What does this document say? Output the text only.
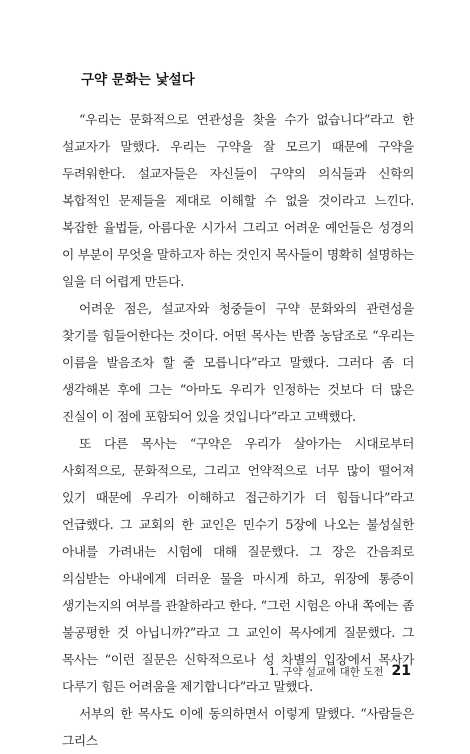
구약 문화는 낯설다

“우리는 문화적으로 연관성을 찾을 수가 없습니다”라고 한 설교자가 말했다. 우리는 구약을 잘 모르기 때문에 구약을 두려워한다. 설교자들은 자신들이 구약의 의식들과 신학의 복합적인 문제들을 제대로 이해할 수 없을 것이라고 느낀다. 복잡한 율법들, 아름다운 시가서 그리고 어려운 예언들은 성경의 이 부분이 무엇을 말하고자 하는 것인지 목사들이 명확히 설명하는 일을 더 어렵게 만든다.

어려운 점은, 설교자와 청중들이 구약 문화와의 관련성을 찾기를 힘들어한다는 것이다. 어떤 목사는 반쯤 농담조로 “우리는 이름을 발음조차 할 줄 모릅니다”라고 말했다. 그러다 좀 더 생각해본 후에 그는 “아마도 우리가 인정하는 것보다 더 많은 진실이 이 점에 포함되어 있을 것입니다”라고 고백했다.

또 다른 목사는 “구약은 우리가 살아가는 시대로부터 사회적으로, 문화적으로, 그리고 언약적으로 너무 많이 떨어져 있기 때문에 우리가 이해하고 접근하기가 더 힘듭니다”라고 언급했다. 그 교회의 한 교인은 민수기 5장에 나오는 불성실한 아내를 가려내는 시험에 대해 질문했다. 그 장은 간음죄로 의심받는 아내에게 더러운 물을 마시게 하고, 위장에 통증이 생기는지의 여부를 관찰하라고 한다. “그런 시험은 아내 쪽에는 좀 불공평한 것 아닙니까?”라고 그 교인이 목사에게 질문했다. 그 목사는 “이런 질문은 신학적으로나 성 차별의 입장에서 목사가 다루기 힘든 어려움을 제기합니다”라고 말했다.

서부의 한 목사도 이에 동의하면서 이렇게 말했다. “사람들은 그리스

1. 구약 설교에 대한 도전 21
